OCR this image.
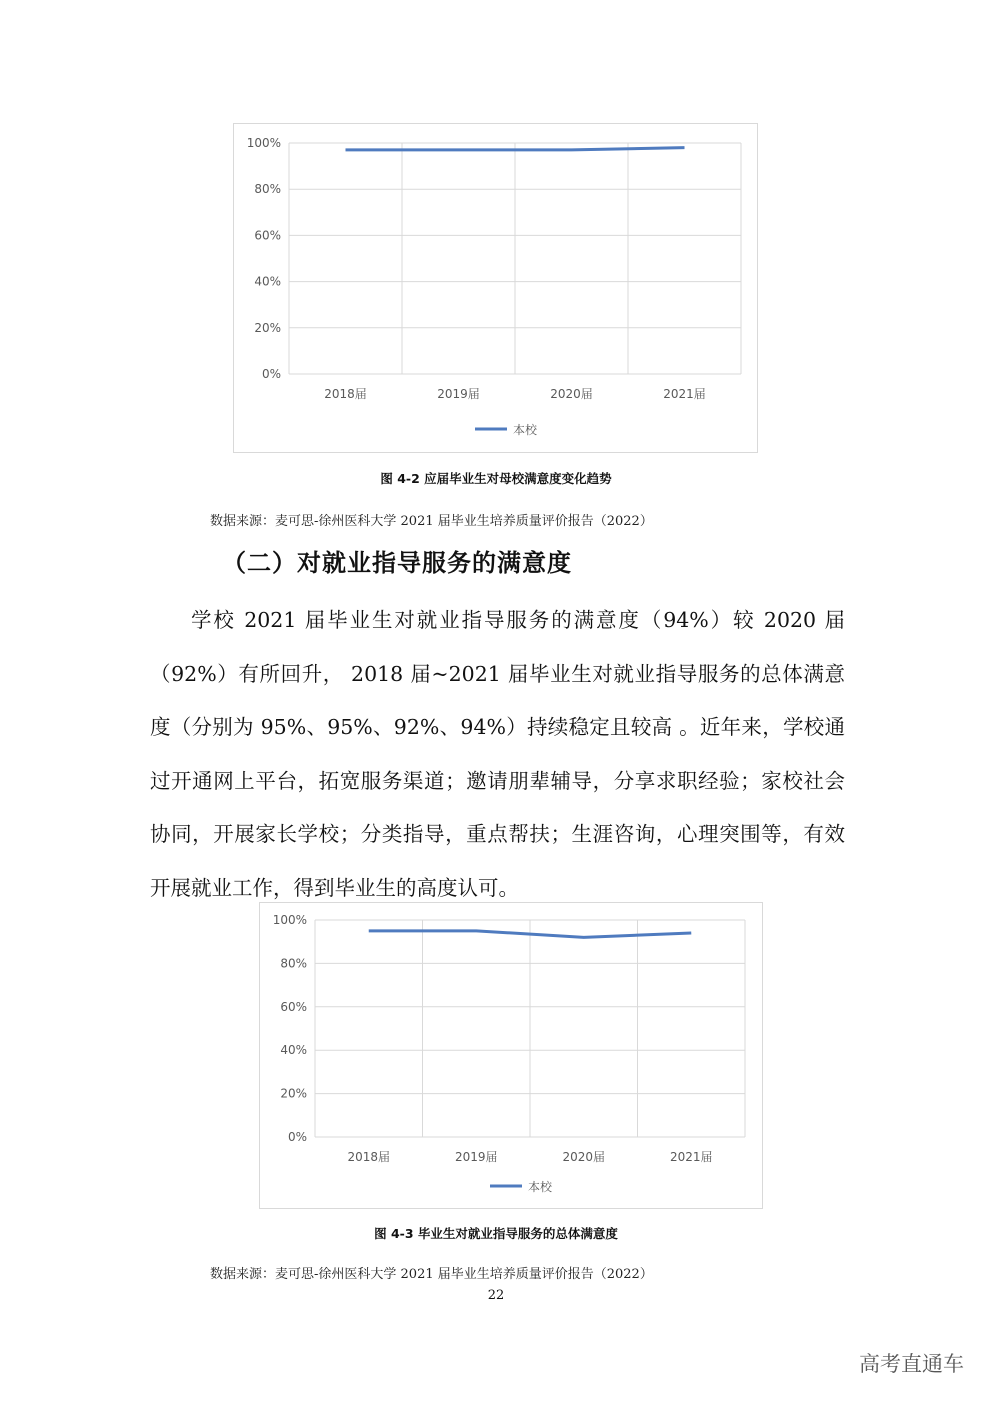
0%
20%
40%
60%
80%
100%
2018届	2019届	2020届	2021届
本校
图 4-2 应届毕业生对母校满意度变化趋势
数据来源：麦可思-徐州医科大学 2021 届毕业生培养质量评价报告（2022）
（二）对就业指导服务的满意度

学校 2021 届毕业生对就业指导服务的满意度（94%）较 2020 届（92%）有所回升， 2018 届~2021 届毕业生对就业指导服务的总体满意度（分别为 95%、95%、92%、94%）持续稳定且较高 。近年来，学校通过开通网上平台，拓宽服务渠道；邀请朋辈辅导，分享求职经验；家校社会协同，开展家长学校；分类指导，重点帮扶；生涯咨询，心理突围等，有效开展就业工作，得到毕业生的高度认可。

0%
20%
40%
60%
80%
100%
2018届	2019届	2020届	2021届
本校
图 4-3 毕业生对就业指导服务的总体满意度
数据来源：麦可思-徐州医科大学 2021 届毕业生培养质量评价报告（2022）
22
高考直通车
